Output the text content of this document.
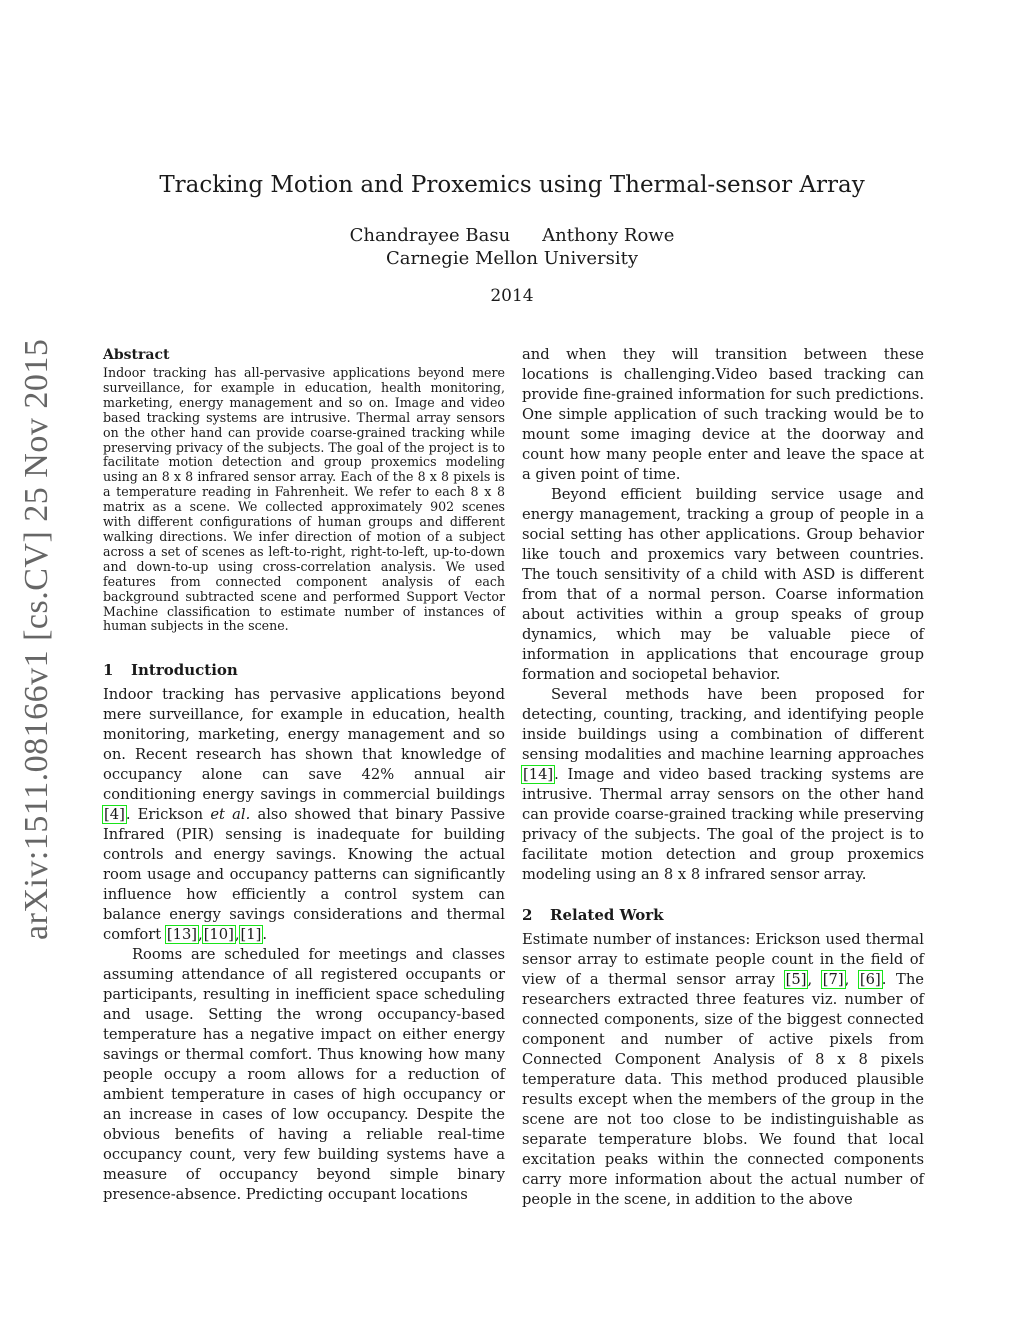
arXiv:1511.08166v1 [cs.CV] 25 Nov 2015
Tracking Motion and Proxemics using Thermal-sensor Array
Chandrayee Basu Anthony Rowe
Carnegie Mellon University
2014
Abstract
Indoor tracking has all-pervasive applications beyond mere surveillance, for example in education, health monitoring, marketing, energy management and so on. Image and video based tracking systems are intrusive. Thermal array sensors on the other hand can provide coarse-grained tracking while preserving privacy of the subjects. The goal of the project is to facilitate motion detection and group proxemics modeling using an 8 x 8 infrared sensor array. Each of the 8 x 8 pixels is a temperature reading in Fahrenheit. We refer to each 8 x 8 matrix as a scene. We collected approximately 902 scenes with different configurations of human groups and different walking directions. We infer direction of motion of a subject across a set of scenes as left-to-right, right-to-left, up-to-down and down-to-up using cross-correlation analysis. We used features from connected component analysis of each background subtracted scene and performed Support Vector Machine classification to estimate number of instances of human subjects in the scene.
1 Introduction

Indoor tracking has pervasive applications beyond mere surveillance, for example in education, health monitoring, marketing, energy management and so on. Recent research has shown that knowledge of occupancy alone can save 42% annual air conditioning energy savings in commercial buildings [4]. Erickson et al. also showed that binary Passive Infrared (PIR) sensing is inadequate for building controls and energy savings. Knowing the actual room usage and occupancy patterns can significantly influence how efficiently a control system can balance energy savings considerations and thermal comfort [13],[10],[1].

Rooms are scheduled for meetings and classes assuming attendance of all registered occupants or participants, resulting in inefficient space scheduling and usage. Setting the wrong occupancy-based temperature has a negative impact on either energy savings or thermal comfort. Thus knowing how many people occupy a room allows for a reduction of ambient temperature in cases of high occupancy or an increase in cases of low occupancy. Despite the obvious benefits of having a reliable real-time occupancy count, very few building systems have a measure of occupancy beyond simple binary presence-absence. Predicting occupant locations

and when they will transition between these locations is challenging.Video based tracking can provide fine-grained information for such predictions. One simple application of such tracking would be to mount some imaging device at the doorway and count how many people enter and leave the space at a given point of time.

Beyond efficient building service usage and energy management, tracking a group of people in a social setting has other applications. Group behavior like touch and proxemics vary between countries. The touch sensitivity of a child with ASD is different from that of a normal person. Coarse information about activities within a group speaks of group dynamics, which may be valuable piece of information in applications that encourage group formation and sociopetal behavior.

Several methods have been proposed for detecting, counting, tracking, and identifying people inside buildings using a combination of different sensing modalities and machine learning approaches [14]. Image and video based tracking systems are intrusive. Thermal array sensors on the other hand can provide coarse-grained tracking while preserving privacy of the subjects. The goal of the project is to facilitate motion detection and group proxemics modeling using an 8 x 8 infrared sensor array.

2 Related Work

Estimate number of instances: Erickson used thermal sensor array to estimate people count in the field of view of a thermal sensor array [5], [7], [6]. The researchers extracted three features viz. number of connected components, size of the biggest connected component and number of active pixels from Connected Component Analysis of 8 x 8 pixels temperature data. This method produced plausible results except when the members of the group in the scene are not too close to be indistinguishable as separate temperature blobs. We found that local excitation peaks within the connected components carry more information about the actual number of people in the scene, in addition to the above
